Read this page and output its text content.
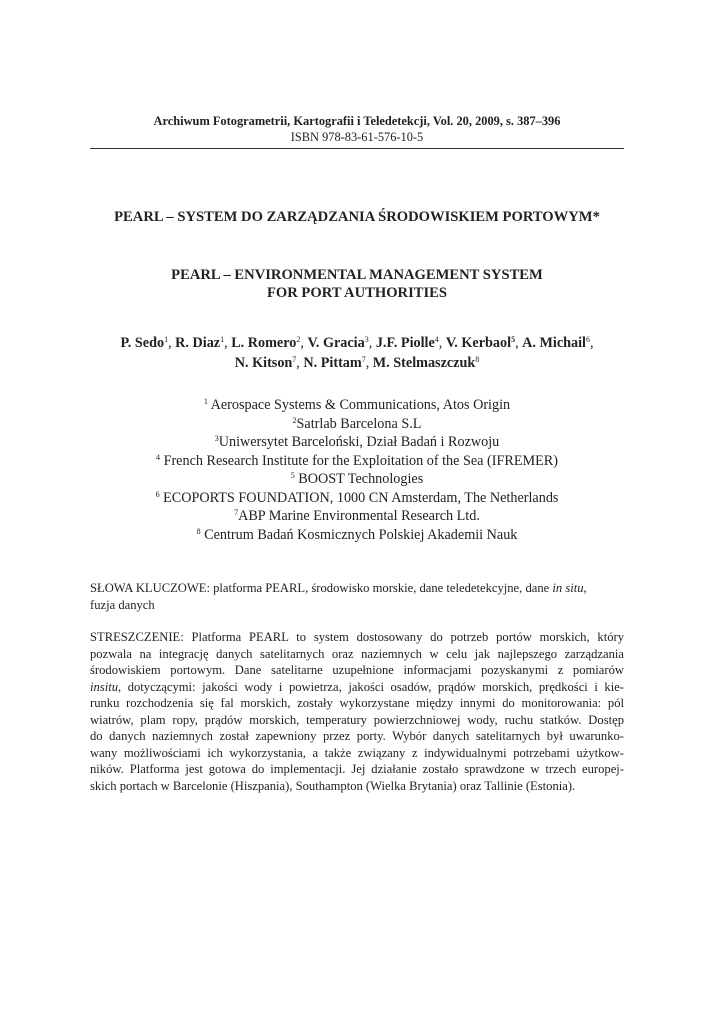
Archiwum Fotogrametrii, Kartografii i Teledetekcji, Vol. 20, 2009, s. 387–396
ISBN 978-83-61-576-10-5
PEARL – SYSTEM DO ZARZĄDZANIA ŚRODOWISKIEM PORTOWYM*
PEARL – ENVIRONMENTAL MANAGEMENT SYSTEM
FOR PORT AUTHORITIES
P. Sedo$^1$, R. Diaz$^1$, L. Romero$^2$, V. Gracia$^3$, J.F. Piolle$^4$, V. Kerbaol$^5$, A. Michail$^6$,
N. Kitson$^7$, N. Pittam$^7$, M. Stelmaszczuk$^8$
$^1$ Aerospace Systems & Communications, Atos Origin
$^2$Satrlab Barcelona S.L
$^3$Uniwersytet Barceloński, Dział Badań i Rozwoju
$^4$ French Research Institute for the Exploitation of the Sea (IFREMER)
$^5$ BOOST Technologies
$^6$ ECOPORTS FOUNDATION, 1000 CN Amsterdam, The Netherlands
$^7$ABP Marine Environmental Research Ltd.
$^8$ Centrum Badań Kosmicznych Polskiej Akademii Nauk
SŁOWA KLUCZOWE: platforma PEARL, środowisko morskie, dane teledetekcyjne, dane in situ,
fuzja danych
STRESZCZENIE: Platforma PEARL to system dostosowany do potrzeb portów morskich, który
pozwala na integrację danych satelitarnych oraz naziemnych w celu jak najlepszego zarządzania
środowiskiem portowym. Dane satelitarne uzupełnione informacjami pozyskanymi z pomiarów
insitu, dotyczącymi: jakości wody i powietrza, jakości osadów, prądów morskich, prędkości i kie-
runku rozchodzenia się fal morskich, zostały wykorzystane między innymi do monitorowania: pól
wiatrów, plam ropy, prądów morskich, temperatury powierzchniowej wody, ruchu statków. Dostęp
do danych naziemnych został zapewniony przez porty. Wybór danych satelitarnych był uwarunko-
wany możliwościami ich wykorzystania, a także związany z indywidualnymi potrzebami użytkow-
ników. Platforma jest gotowa do implementacji. Jej działanie zostało sprawdzone w trzech europej-
skich portach w Barcelonie (Hiszpania), Southampton (Wielka Brytania) oraz Tallinie (Estonia).
